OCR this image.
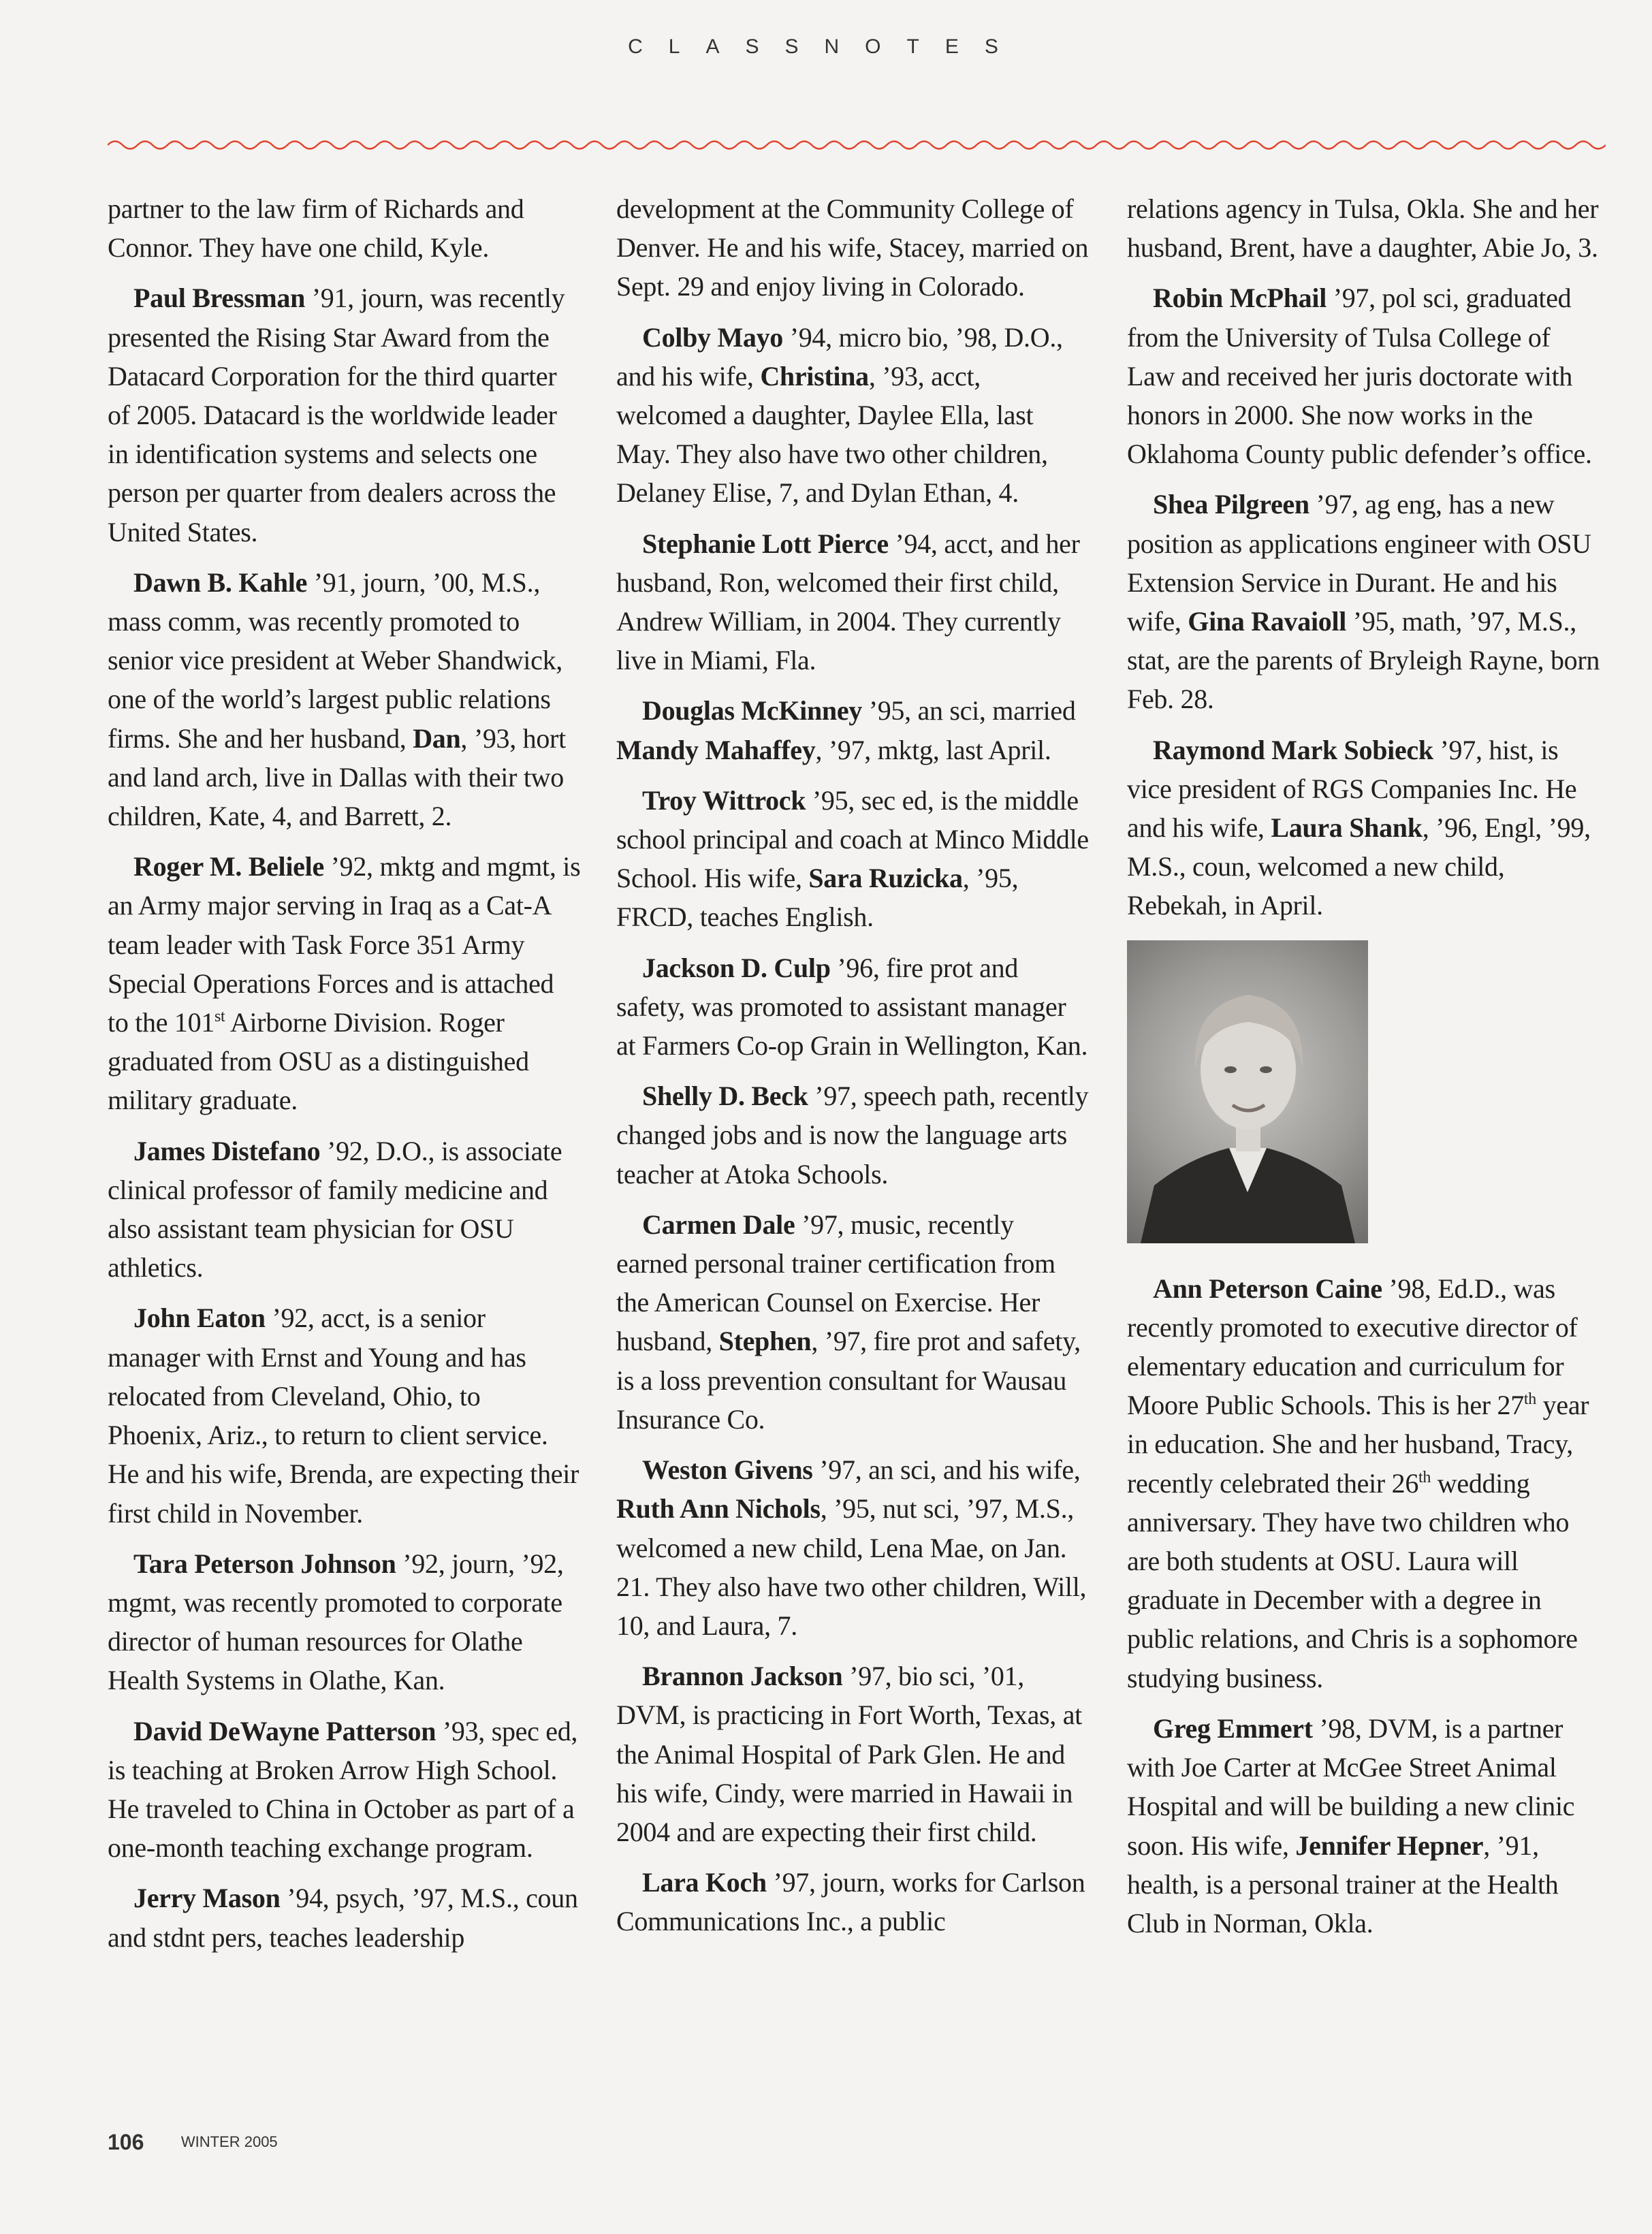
CLASSNOTES

partner to the law firm of Richards and Connor. They have one child, Kyle.

Paul Bressman ’91, journ, was recently presented the Rising Star Award from the Datacard Corporation for the third quarter of 2005. Datacard is the worldwide leader in identification systems and selects one person per quarter from dealers across the United States.

Dawn B. Kahle ’91, journ, ’00, M.S., mass comm, was recently promoted to senior vice president at Weber Shandwick, one of the world’s largest public relations firms. She and her husband, Dan, ’93, hort and land arch, live in Dallas with their two children, Kate, 4, and Barrett, 2.

Roger M. Beliele ’92, mktg and mgmt, is an Army major serving in Iraq as a Cat-A team leader with Task Force 351 Army Special Operations Forces and is attached to the 101st Airborne Division. Roger graduated from OSU as a distinguished military graduate.

James Distefano ’92, D.O., is associate clinical professor of family medicine and also assistant team physician for OSU athletics.

John Eaton ’92, acct, is a senior manager with Ernst and Young and has relocated from Cleveland, Ohio, to Phoenix, Ariz., to return to client service. He and his wife, Brenda, are expecting their first child in November.

Tara Peterson Johnson ’92, journ, ’92, mgmt, was recently promoted to corporate director of human resources for Olathe Health Systems in Olathe, Kan.

David DeWayne Patterson ’93, spec ed, is teaching at Broken Arrow High School. He traveled to China in October as part of a one-month teaching exchange program.

Jerry Mason ’94, psych, ’97, M.S., coun and stdnt pers, teaches leadership

development at the Community College of Denver. He and his wife, Stacey, married on Sept. 29 and enjoy living in Colorado.

Colby Mayo ’94, micro bio, ’98, D.O., and his wife, Christina, ’93, acct, welcomed a daughter, Daylee Ella, last May. They also have two other children, Delaney Elise, 7, and Dylan Ethan, 4.

Stephanie Lott Pierce ’94, acct, and her husband, Ron, welcomed their first child, Andrew William, in 2004. They currently live in Miami, Fla.

Douglas McKinney ’95, an sci, married Mandy Mahaffey, ’97, mktg, last April.

Troy Wittrock ’95, sec ed, is the middle school principal and coach at Minco Middle School. His wife, Sara Ruzicka, ’95, FRCD, teaches English.

Jackson D. Culp ’96, fire prot and safety, was promoted to assistant manager at Farmers Co-op Grain in Wellington, Kan.

Shelly D. Beck ’97, speech path, recently changed jobs and is now the language arts teacher at Atoka Schools.

Carmen Dale ’97, music, recently earned personal trainer certification from the American Counsel on Exercise. Her husband, Stephen, ’97, fire prot and safety, is a loss prevention consultant for Wausau Insurance Co.

Weston Givens ’97, an sci, and his wife, Ruth Ann Nichols, ’95, nut sci, ’97, M.S., welcomed a new child, Lena Mae, on Jan. 21. They also have two other children, Will, 10, and Laura, 7.

Brannon Jackson ’97, bio sci, ’01, DVM, is practicing in Fort Worth, Texas, at the Animal Hospital of Park Glen. He and his wife, Cindy, were married in Hawaii in 2004 and are expecting their first child.

Lara Koch ’97, journ, works for Carlson Communications Inc., a public

relations agency in Tulsa, Okla. She and her husband, Brent, have a daughter, Abie Jo, 3.

Robin McPhail ’97, pol sci, graduated from the University of Tulsa College of Law and received her juris doctorate with honors in 2000. She now works in the Oklahoma County public defender’s office.

Shea Pilgreen ’97, ag eng, has a new position as applications engineer with OSU Extension Service in Durant. He and his wife, Gina Ravaioll ’95, math, ’97, M.S., stat, are the parents of Bryleigh Rayne, born Feb. 28.

Raymond Mark Sobieck ’97, hist, is vice president of RGS Companies Inc. He and his wife, Laura Shank, ’96, Engl, ’99, M.S., coun, welcomed a new child, Rebekah, in April.

Ann Peterson Caine ’98, Ed.D., was recently promoted to executive director of elementary education and curriculum for Moore Public Schools. This is her 27th year in education. She and her husband, Tracy, recently celebrated their 26th wedding anniversary. They have two children who are both students at OSU. Laura will graduate in December with a degree in public relations, and Chris is a sophomore studying business.

Greg Emmert ’98, DVM, is a partner with Joe Carter at McGee Street Animal Hospital and will be building a new clinic soon. His wife, Jennifer Hepner, ’91, health, is a personal trainer at the Health Club in Norman, Okla.

106 WINTER 2005
